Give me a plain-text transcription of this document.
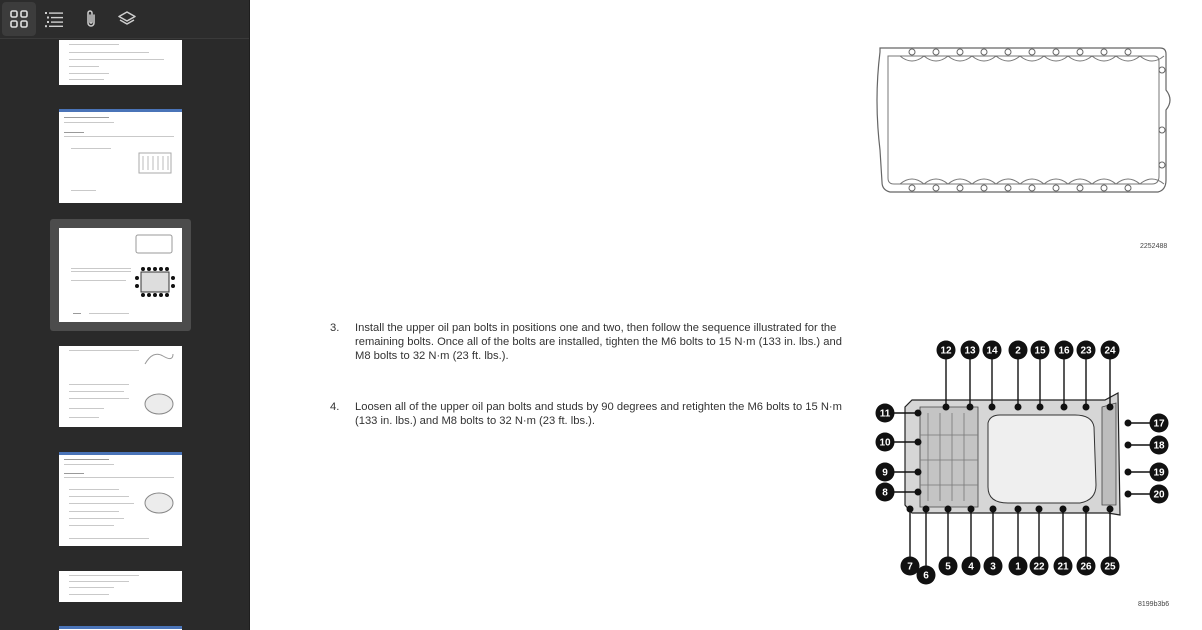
2252488
3. Install the upper oil pan bolts in positions one and two, then follow the sequence illustrated for the remaining bolts. Once all of the bolts are installed, tighten the M6 bolts to 15 N·m (133 in. lbs.) and M8 bolts to 32 N·m (23 ft. lbs.).
4. Loosen all of the upper oil pan bolts and studs by 90 degrees and retighten the M6 bolts to 15 N·m (133 in. lbs.) and M8 bolts to 32 N·m (23 ft. lbs.).
12 13 14 2 15 16 23 24
11
10
9
8
17
18
19
20
7
6
5 4 3 1 22 21 26 25
8199b3b6
